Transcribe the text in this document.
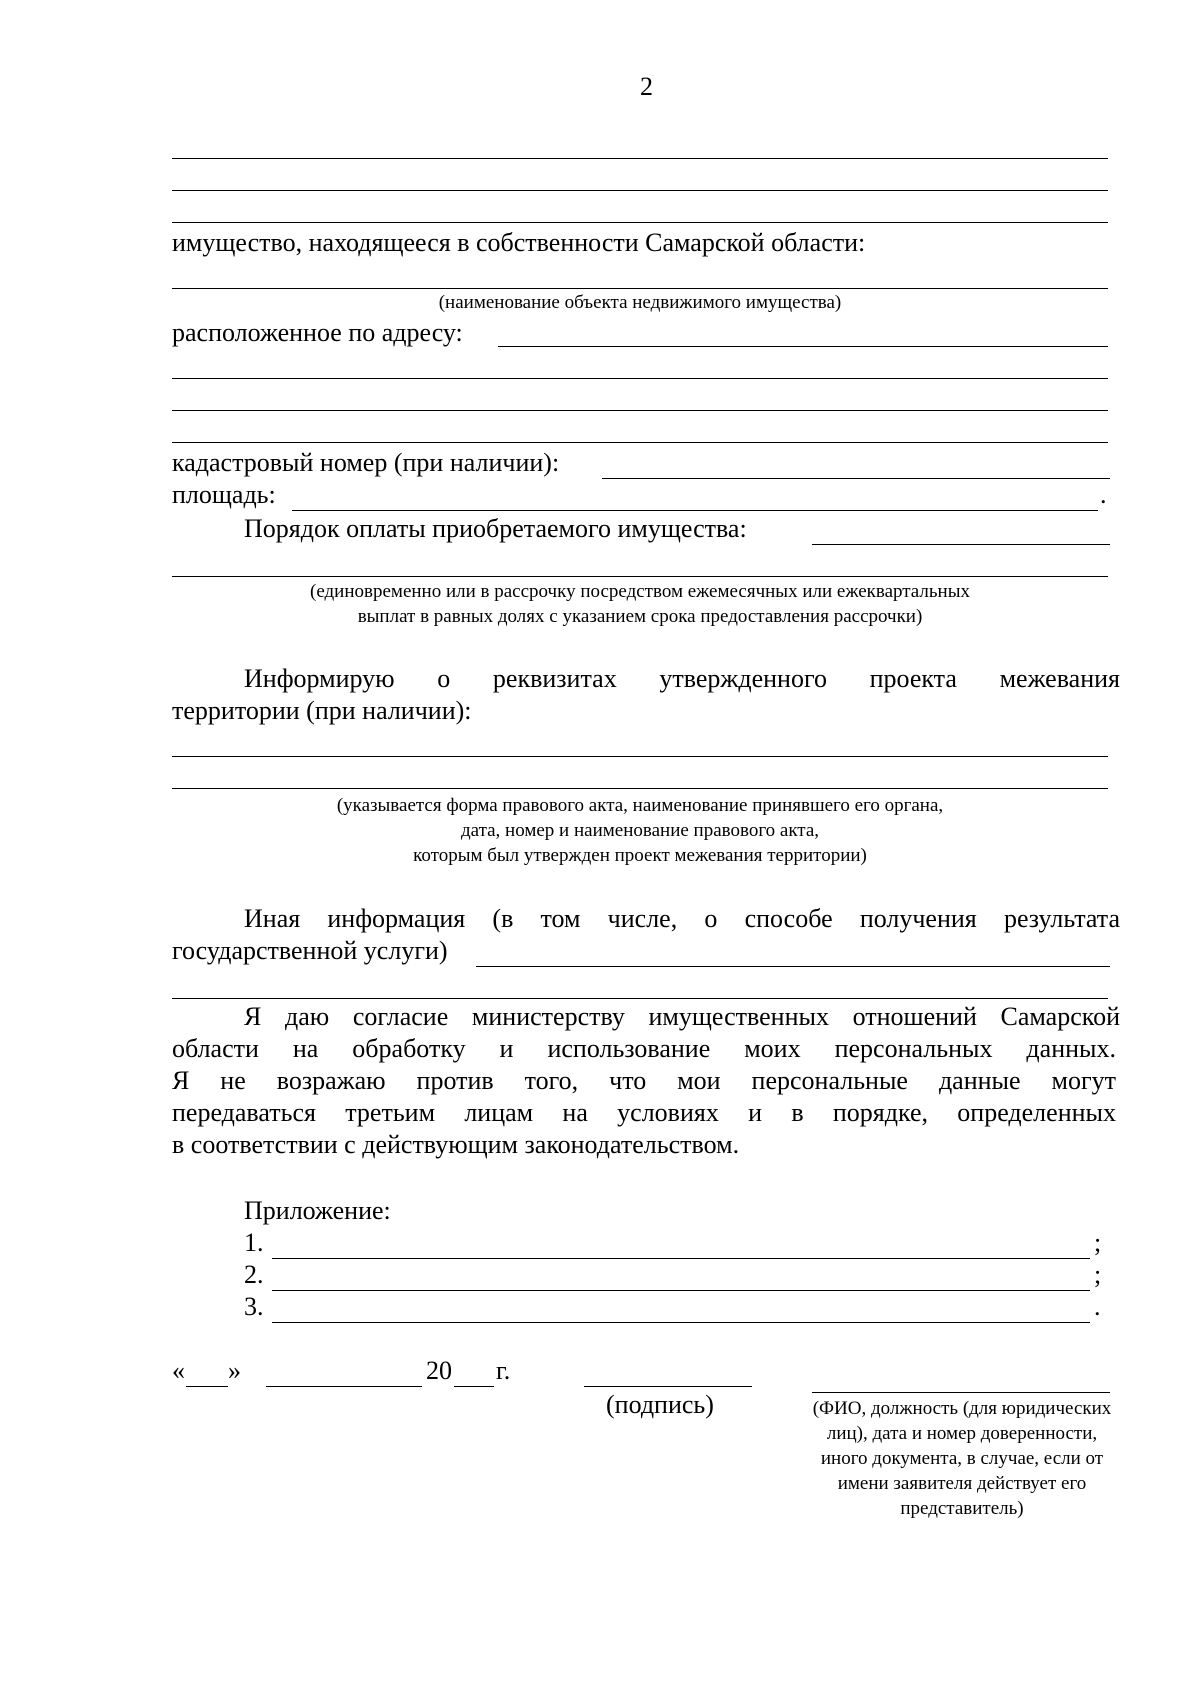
2
имущество, находящееся в собственности Самарской области:
(наименование объекта недвижимого имущества)
расположенное по адресу:
кадастровый номер (при наличии):
площадь:	.
Порядок оплаты приобретаемого имущества:
(единовременно или в рассрочку посредством ежемесячных или ежеквартальных
выплат в равных долях с указанием срока предоставления рассрочки)
Информирую о реквизитах утвержденного проекта межевания
территории (при наличии):
(указывается форма правового акта, наименование принявшего его органа,
дата, номер и наименование правового акта,
которым был утвержден проект межевания территории)
Иная информация (в том числе, о способе получения результата
государственной услуги)
Я даю согласие министерству имущественных отношений Самарской
области на обработку и использование моих персональных данных.
Я не возражаю против того, что мои персональные данные могут
передаваться третьим лицам на условиях и в порядке, определенных
в соответствии с действующим законодательством.
Приложение:
1.	;
2.	;
3.	.
« »	20 г.
(подпись)	(ФИО, должность (для юридических лиц), дата и номер доверенности, иного документа, в случае, если от имени заявителя действует его представитель)
